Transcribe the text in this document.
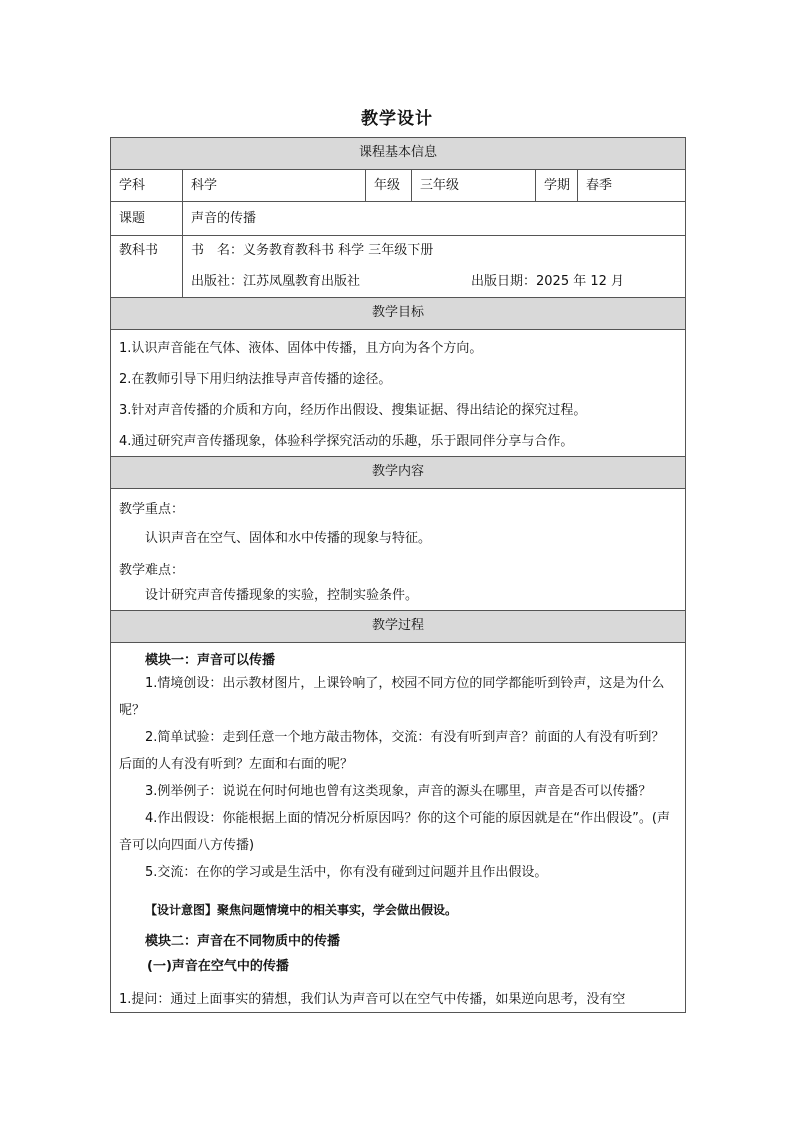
教学设计
课程基本信息
学科	科学	年级	三年级	学期	春季
课题	声音的传播
教科书	书　名：义务教育教科书 科学 三年级下册
出版社：江苏凤凰教育出版社	出版日期：2025 年 12 月
教学目标
1.认识声音能在气体、液体、固体中传播，且方向为各个方向。
2.在教师引导下用归纳法推导声音传播的途径。
3.针对声音传播的介质和方向，经历作出假设、搜集证据、得出结论的探究过程。
4.通过研究声音传播现象，体验科学探究活动的乐趣，乐于跟同伴分享与合作。
教学内容
教学重点：
认识声音在空气、固体和水中传播的现象与特征。
教学难点：
设计研究声音传播现象的实验，控制实验条件。
教学过程
模块一：声音可以传播
1.情境创设：出示教材图片，上课铃响了，校园不同方位的同学都能听到铃声，这是为什么呢？
2.简单试验：走到任意一个地方敲击物体，交流：有没有听到声音？前面的人有没有听到？后面的人有没有听到？左面和右面的呢？
3.例举例子：说说在何时何地也曾有这类现象，声音的源头在哪里，声音是否可以传播？
4.作出假设：你能根据上面的情况分析原因吗？你的这个可能的原因就是在“作出假设”。(声音可以向四面八方传播)
5.交流：在你的学习或是生活中，你有没有碰到过问题并且作出假设。
【设计意图】聚焦问题情境中的相关事实，学会做出假设。
模块二：声音在不同物质中的传播
(一)声音在空气中的传播
1.提问：通过上面事实的猜想，我们认为声音可以在空气中传播，如果逆向思考，没有空
